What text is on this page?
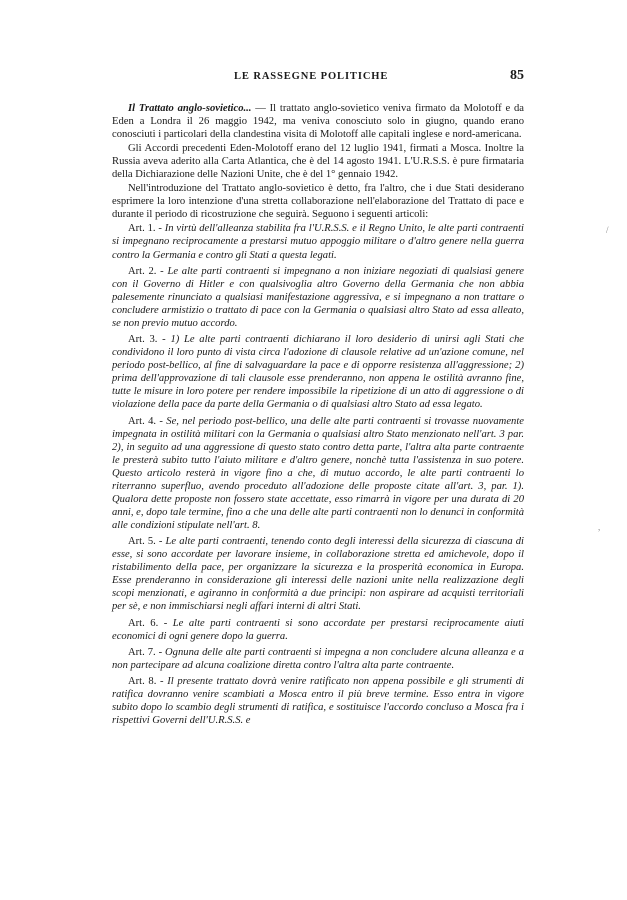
LE RASSEGNE POLITICHE	85

Il Trattato anglo-sovietico... — Il trattato anglo-sovietico veniva firmato da Molotoff e da Eden a Londra il 26 maggio 1942, ma veniva conosciuto solo in giugno, quando erano conosciuti i particolari della clandestina visita di Molotoff alle capitali inglese e nord-americana.

Gli Accordi precedenti Eden-Molotoff erano del 12 luglio 1941, firmati a Mosca. Inoltre la Russia aveva aderito alla Carta Atlantica, che è del 14 agosto 1941. L'U.R.S.S. è pure firmataria della Dichiarazione delle Nazioni Unite, che è del 1° gennaio 1942.

Nell'introduzione del Trattato anglo-sovietico è detto, fra l'altro, che i due Stati desiderano esprimere la loro intenzione d'una stretta collaborazione nell'elaborazione del Trattato di pace e durante il periodo di ricostruzione che seguirà. Seguono i seguenti articoli:

Art. 1. - In virtù dell'alleanza stabilita fra l'U.R.S.S. e il Regno Unito, le alte parti contraenti si impegnano reciprocamente a prestarsi mutuo appoggio militare o d'altro genere nella guerra contro la Germania e contro gli Stati a questa legati.

Art. 2. - Le alte parti contraenti si impegnano a non iniziare negoziati di qualsiasi genere con il Governo di Hitler e con qualsivoglia altro Governo della Germania che non abbia palesemente rinunciato a qualsiasi manifestazione aggressiva, e si impegnano a non trattare o concludere armistizio o trattato di pace con la Germania o qualsiasi altro Stato ad essa alleato, se non previo mutuo accordo.

Art. 3. - 1) Le alte parti contraenti dichiarano il loro desiderio di unirsi agli Stati che condividono il loro punto di vista circa l'adozione di clausole relative ad un'azione comune, nel periodo post-bellico, al fine di salvaguardare la pace e di opporre resistenza all'aggressione; 2) prima dell'approvazione di tali clausole esse prenderanno, non appena le ostilità avranno fine, tutte le misure in loro potere per rendere impossibile la ripetizione di un atto di aggressione o di violazione della pace da parte della Germania o di qualsiasi altro Stato ad essa legato.

Art. 4. - Se, nel periodo post-bellico, una delle alte parti contraenti si trovasse nuovamente impegnata in ostilità militari con la Germania o qualsiasi altro Stato menzionato nell'art. 3 par. 2), in seguito ad una aggressione di questo stato contro detta parte, l'altra alta parte contraente le presterà subito tutto l'aiuto militare e d'altro genere, nonchè tutta l'assistenza in suo potere. Questo articolo resterà in vigore fino a che, di mutuo accordo, le alte parti contraenti lo riterranno superfluo, avendo proceduto all'adozione delle proposte citate all'art. 3, par. 1). Qualora dette proposte non fossero state accettate, esso rimarrà in vigore per una durata di 20 anni, e, dopo tale termine, fino a che una delle alte parti contraenti non lo denunci in conformità alle condizioni stipulate nell'art. 8.

Art. 5. - Le alte parti contraenti, tenendo conto degli interessi della sicurezza di ciascuna di esse, si sono accordate per lavorare insieme, in collaborazione stretta ed amichevole, dopo il ristabilimento della pace, per organizzare la sicurezza e la prosperità economica in Europa. Esse prenderanno in considerazione gli interessi delle nazioni unite nella realizzazione degli scopi menzionati, e agiranno in conformità a due principi: non aspirare ad acquisti territoriali per sè, e non immischiarsi negli affari interni di altri Stati.

Art. 6. - Le alte parti contraenti si sono accordate per prestarsi reciprocamente aiuti economici di ogni genere dopo la guerra.

Art. 7. - Ognuna delle alte parti contraenti si impegna a non concludere alcuna alleanza e a non partecipare ad alcuna coalizione diretta contro l'altra alta parte contraente.

Art. 8. - Il presente trattato dovrà venire ratificato non appena possibile e gli strumenti di ratifica dovranno venire scambiati a Mosca entro il più breve termine. Esso entra in vigore subito dopo lo scambio degli strumenti di ratifica, e sostituisce l'accordo concluso a Mosca fra i rispettivi Governi dell'U.R.S.S. e

/
,
